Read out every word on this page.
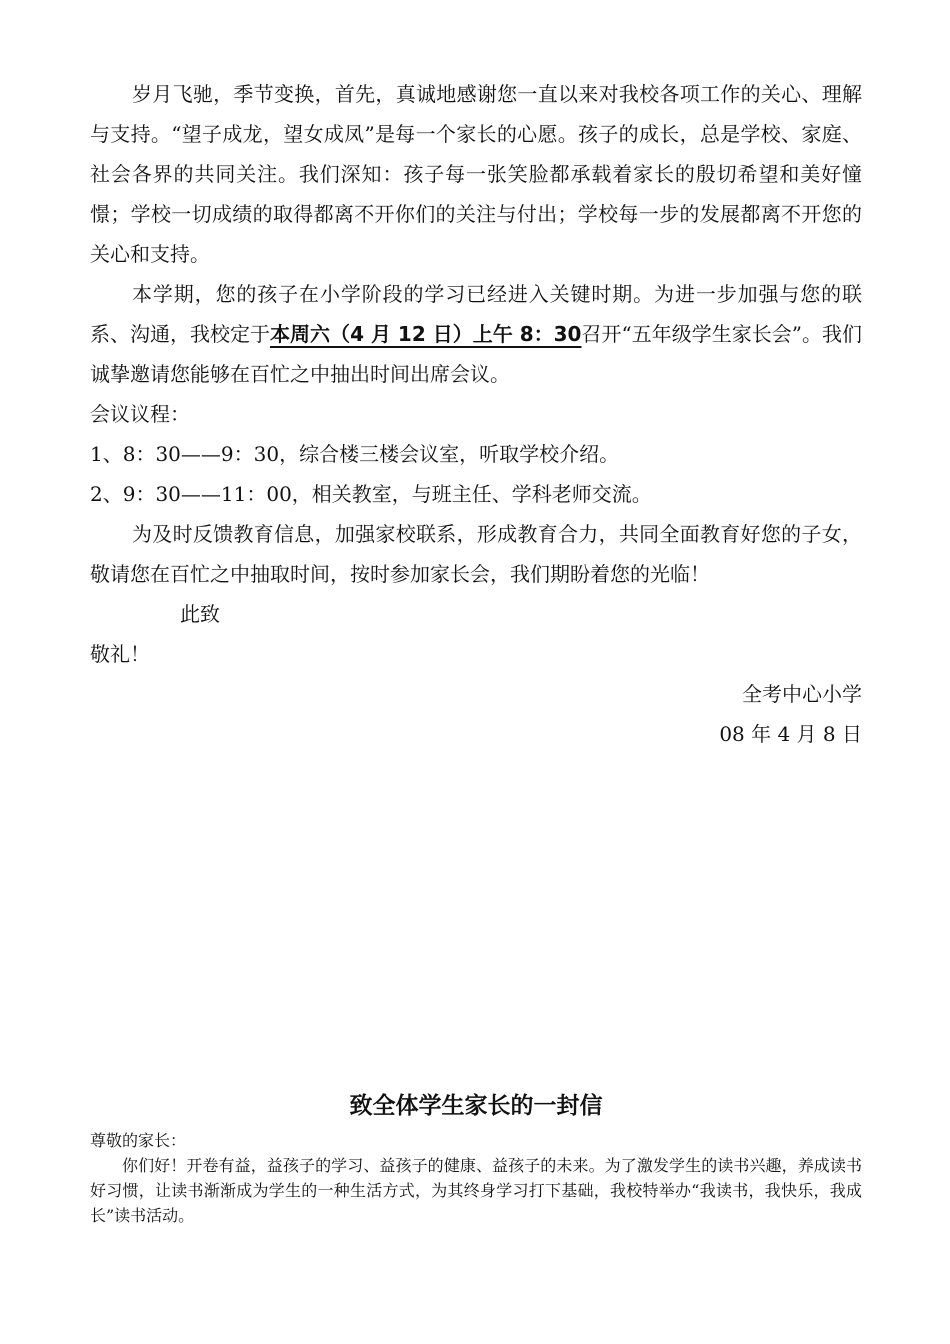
岁月飞驰，季节变换，首先，真诚地感谢您一直以来对我校各项工作的关心、理解与支持。“望子成龙，望女成凤”是每一个家长的心愿。孩子的成长，总是学校、家庭、社会各界的共同关注。我们深知：孩子每一张笑脸都承载着家长的殷切希望和美好憧憬；学校一切成绩的取得都离不开你们的关注与付出；学校每一步的发展都离不开您的关心和支持。

本学期，您的孩子在小学阶段的学习已经进入关键时期。为进一步加强与您的联系、沟通，我校定于本周六（4 月 12 日）上午 8：30召开“五年级学生家长会”。我们诚挚邀请您能够在百忙之中抽出时间出席会议。

会议议程：

1、8：30——9：30，综合楼三楼会议室，听取学校介绍。

2、9：30——11：00，相关教室，与班主任、学科老师交流。

为及时反馈教育信息，加强家校联系，形成教育合力，共同全面教育好您的子女，敬请您在百忙之中抽取时间，按时参加家长会，我们期盼着您的光临！

此致

敬礼！

全考中心小学

08 年 4 月 8 日

致全体学生家长的一封信

尊敬的家长：

你们好！开卷有益，益孩子的学习、益孩子的健康、益孩子的未来。为了激发学生的读书兴趣，养成读书好习惯，让读书渐渐成为学生的一种生活方式，为其终身学习打下基础，我校特举办“我读书，我快乐，我成长”读书活动。
